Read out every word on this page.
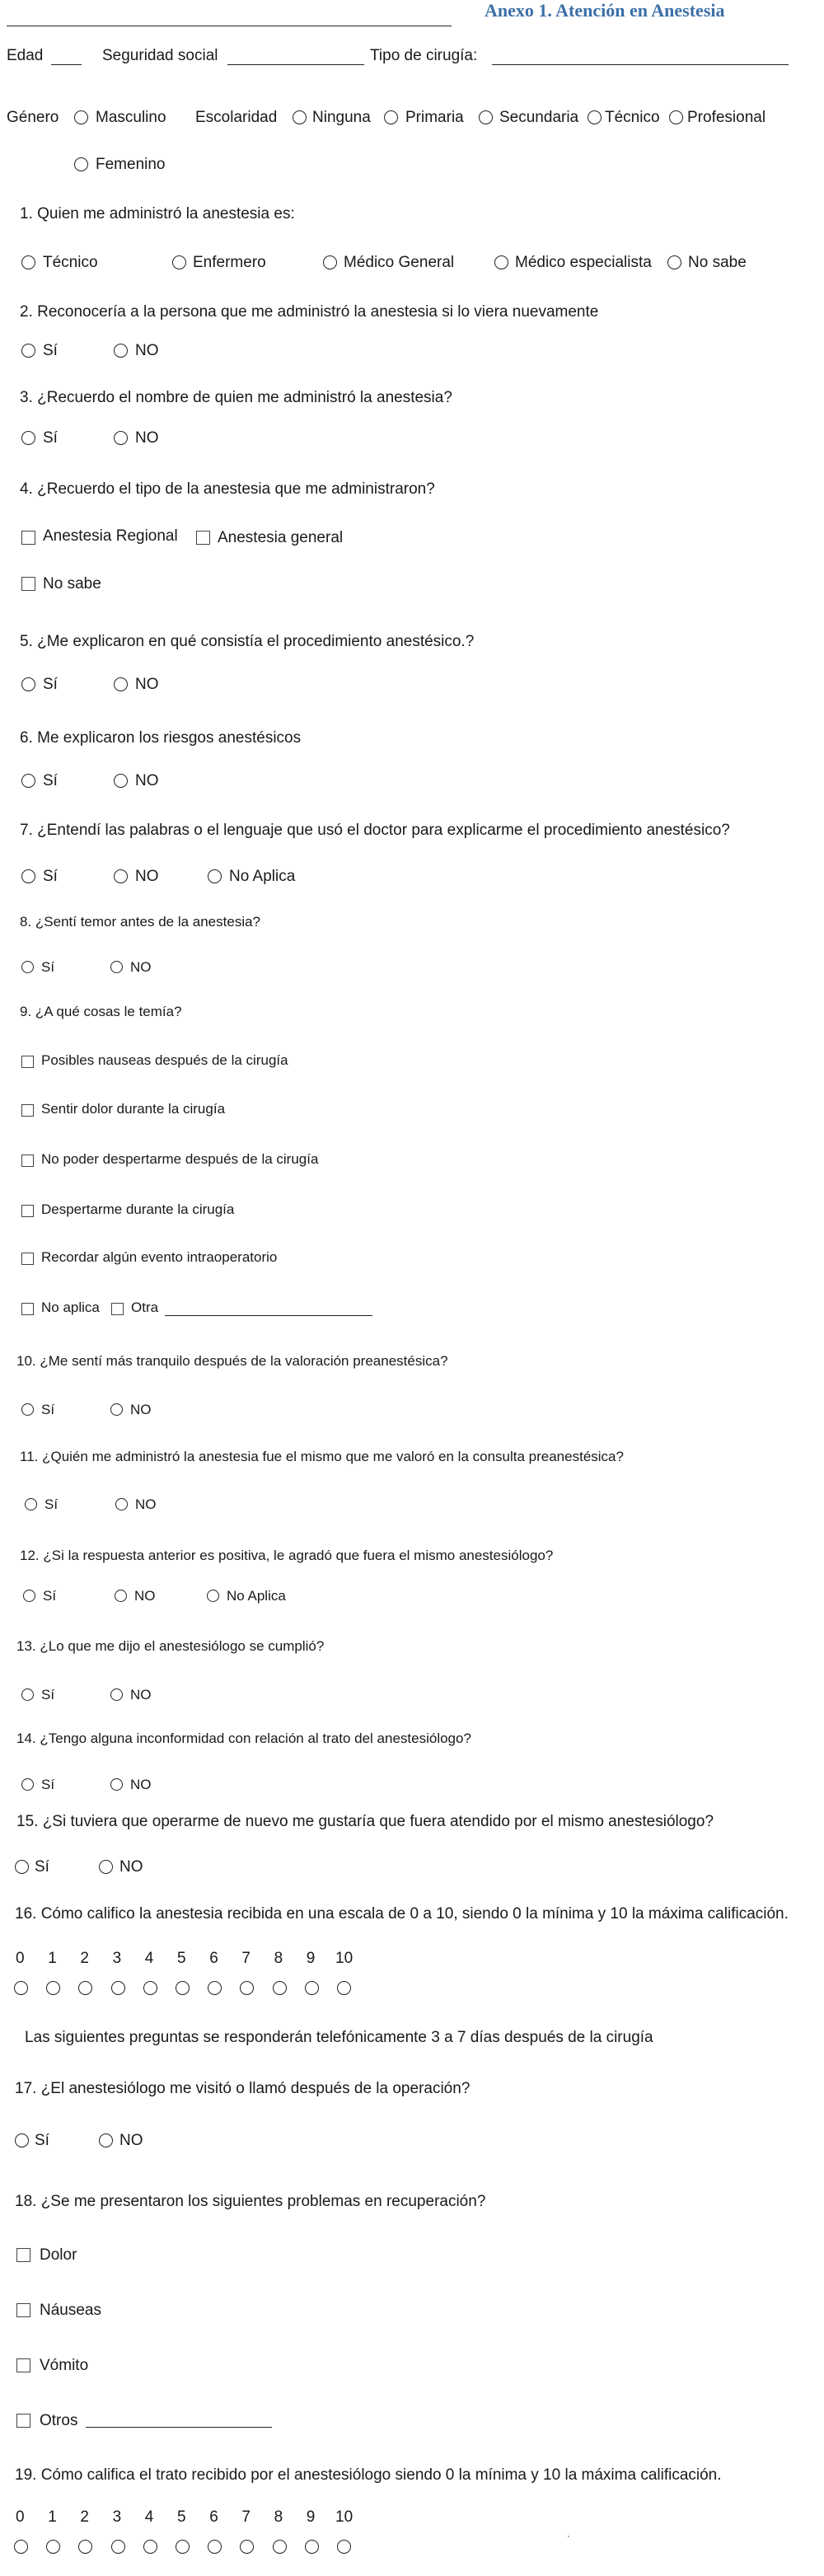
Anexo 1. Atención en Anestesia
Edad	Seguridad social	Tipo de cirugía:
Género Masculino Escolaridad Ninguna Primaria Secundaria Técnico Profesional
Femenino
1. Quien me administró la anestesia es:
Técnico	Enfermero	Médico General	Médico especialista No sabe
2. Reconocería a la persona que me administró la anestesia si lo viera nuevamente
Sí	NO
3. ¿Recuerdo el nombre de quien me administró la anestesia?
Sí	NO
4. ¿Recuerdo el tipo de la anestesia que me administraron?
Anestesia Regional	Anestesia general
No sabe
5. ¿Me explicaron en qué consistía el procedimiento anestésico.?
Sí	NO
6. Me explicaron los riesgos anestésicos
Sí	NO
7. ¿Entendí las palabras o el lenguaje que usó el doctor para explicarme el procedimiento anestésico?
Sí	NO	No Aplica
8. ¿Sentí temor antes de la anestesia?
Sí	NO
9. ¿A qué cosas le temía?
Posibles nauseas después de la cirugía
Sentir dolor durante la cirugía
No poder despertarme después de la cirugía
Despertarme durante la cirugía
Recordar algún evento intraoperatorio
No aplica Otra
10. ¿Me sentí más tranquilo después de la valoración preanestésica?
Sí	NO
11. ¿Quién me administró la anestesia fue el mismo que me valoró en la consulta preanestésica?
Sí	NO
12. ¿Si la respuesta anterior es positiva, le agradó que fuera el mismo anestesiólogo?
Sí	NO	No Aplica
13. ¿Lo que me dijo el anestesiólogo se cumplió?
Sí	NO
14. ¿Tengo alguna inconformidad con relación al trato del anestesiólogo?
Sí	NO
15. ¿Si tuviera que operarme de nuevo me gustaría que fuera atendido por el mismo anestesiólogo?
Sí	NO
16. Cómo califico la anestesia recibida en una escala de 0 a 10, siendo 0 la mínima y 10 la máxima calificación.
0 1 2 3 4 5 6 7 8 9 10
Las siguientes preguntas se responderán telefónicamente 3 a 7 días después de la cirugía
17. ¿El anestesiólogo me visitó o llamó después de la operación?
Sí	NO
18. ¿Se me presentaron los siguientes problemas en recuperación?
Dolor
Náuseas
Vómito
Otros
19. Cómo califica el trato recibido por el anestesiólogo siendo 0 la mínima y 10 la máxima calificación.
0 1 2 3 4 5 6 7 8 9 10
